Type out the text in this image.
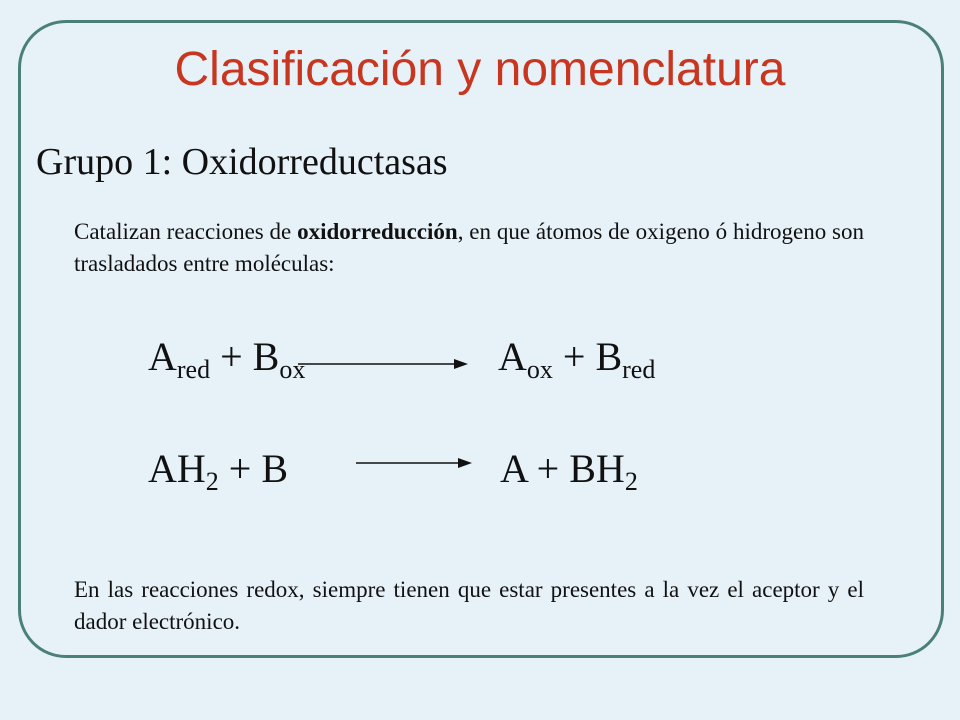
Clasificación y nomenclatura
Grupo 1: Oxidorreductasas
Catalizan reacciones de oxidorreducción, en que átomos de oxigeno ó hidrogeno son trasladados entre moléculas:
$A_{red} + B_{ox}$	$A_{ox} + B_{red}$
$AH_2 + B$	$A + BH_2$
En las reacciones redox, siempre tienen que estar presentes a la vez el aceptor y el dador electrónico.
